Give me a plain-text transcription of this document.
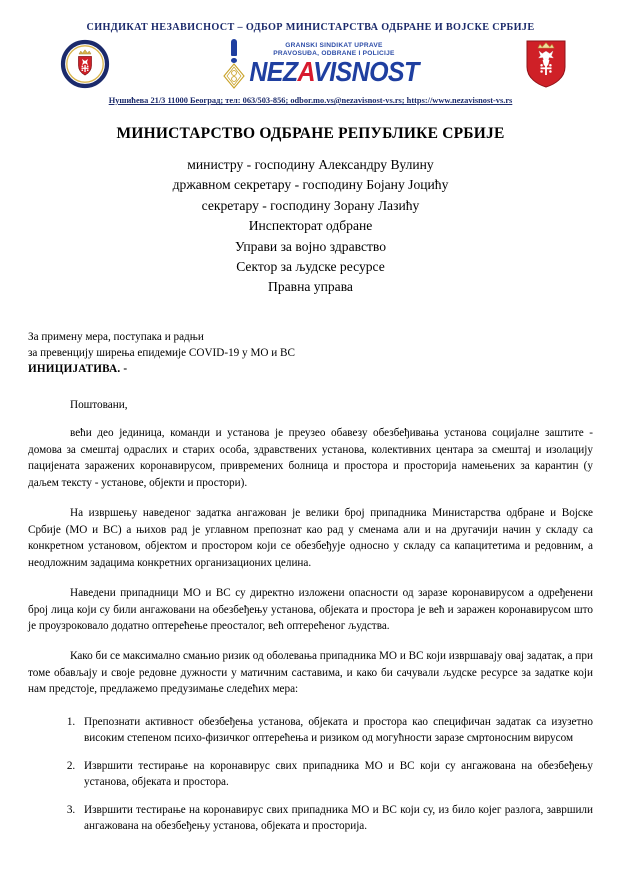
СИНДИКАТ НЕЗАВИСНОСТ – ОДБОР МИНИСТАРСТВА ОДБРАНЕ И ВОЈСКЕ СРБИЈЕ
GRANSKI SINDIKAT UPRAVE
PRAVOSUĐA, ODBRANE I POLICIJE
NEZAVISNOST
Нушићева 21/3 11000 Београд; тел: 063/503-856; odbor.mo.vs@nezavisnost-vs.rs; https://www.nezavisnost-vs.rs
МИНИСТАРСТВО ОДБРАНЕ РЕПУБЛИКЕ СРБИЈЕ
министру - господину Александру Вулину
државном секретару - господину Бојану Јоцићу
секретару - господину Зорану Лазићу
Инспекторат одбране
Управи за војно здравство
Сектор за људске ресурсе
Правна управа
За примену мера, поступака и радњи
за превенцију ширења епидемије COVID-19 у МО и ВС
ИНИЦИЈАТИВА. -
Поштовани,

већи део јединица, команди и установа је преузео обавезу обезбеђивања установа социјалне заштите - домова за смештај одраслих и старих особа, здравствених установа, колективних центара за смештај и изолацију пацијената заражених коронавирусом, привремених болница и простора и просторија намењених за карантин (у даљем тексту - установе, објекти и простори).

На извршењу наведеног задатка ангажован је велики број припадника Министарства одбране и Војске Србије (МО и ВС) а њихов рад је углавном препознат као рад у сменама али и на другачији начин у складу са конкретном установом, објектом и простором који се обезбеђује односно у складу са капацитетима и редовним, а неодложним задацима конкретних организационих целина.

Наведени припадници МО и ВС су директно изложени опасности од заразе коронавирусом а одређенени број лица који су били ангажовани на обезбеђењу установа, објеката и простора је већ и заражен коронавирусом што је проузроковало додатно оптерећење преосталог, већ оптерећеног људства.

Како би се максимално смањио ризик од оболевања припадника МО и ВС који извршавају овај задатак, а при томе обављају и своје редовне дужности у матичним саставима, и како би сачували људске ресурсе за задатке који нам предстоје, предлажемо предузимање следећих мера:

1. Препознати активност обезбеђења установа, објеката и простора као специфичан задатак са изузетно високим степеном психо-физичког оптерећења и ризиком од могућности заразе смртоносним вирусом
2. Извршити тестирање на коронавирус свих припадника МО и ВС који су ангажована на обезбеђењу установа, објеката и простора.
3. Извршити тестирање на коронавирус свих припадника МО и ВС који су, из било којег разлога, завршили ангажована на обезбеђењу установа, објеката и просторија.
